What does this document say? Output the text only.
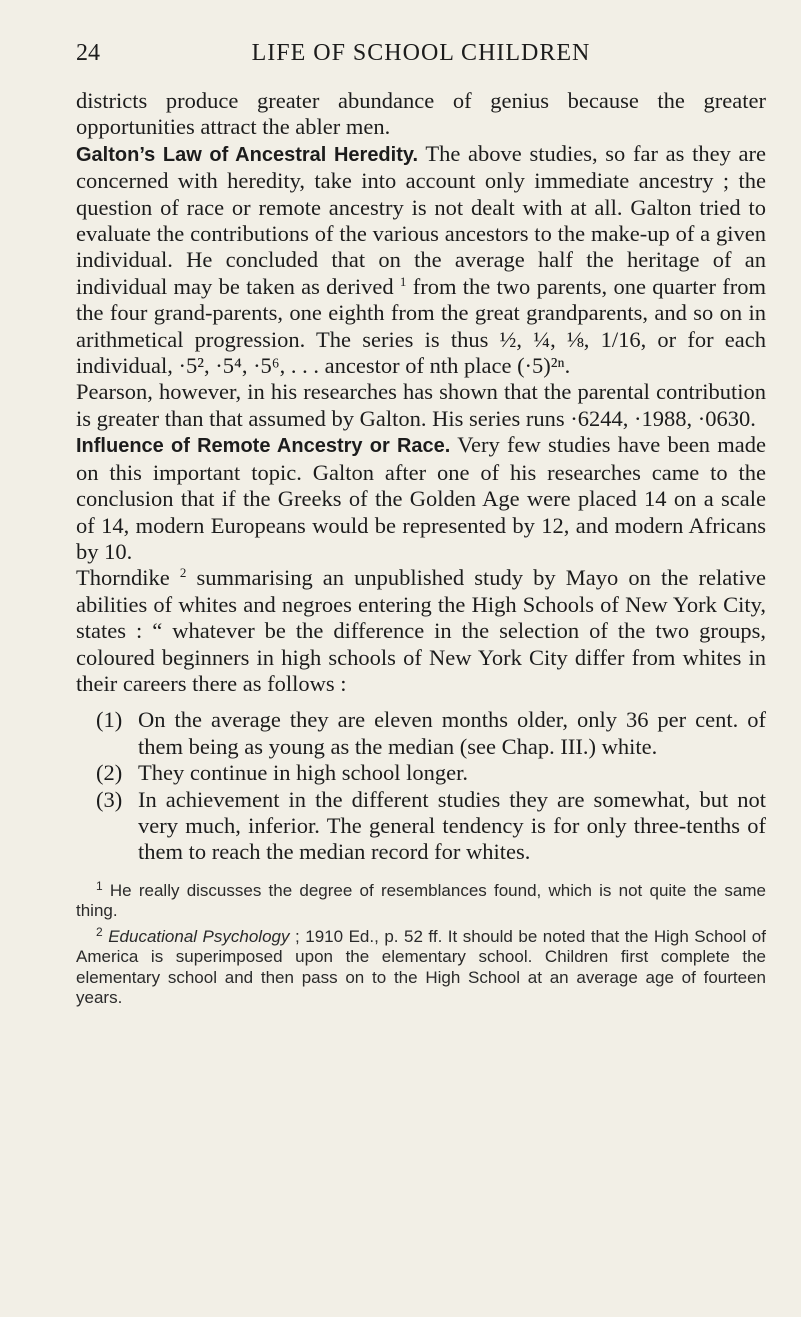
24	LIFE OF SCHOOL CHILDREN

districts produce greater abundance of genius because the greater opportunities attract the abler men.

Galton’s Law of Ancestral Heredity. The above studies, so far as they are concerned with heredity, take into account only immediate ancestry ; the question of race or remote ancestry is not dealt with at all. Galton tried to evaluate the contributions of the various ancestors to the make-up of a given individual. He concluded that on the average half the heritage of an individual may be taken as derived $^1$ from the two parents, one quarter from the four grand-parents, one eighth from the great grandparents, and so on in arithmetical progression. The series is thus ½, ¼, ⅛, 1/16, or for each individual, ·5², ·5⁴, ·5⁶, . . . ancestor of nth place (·5)²ⁿ.

Pearson, however, in his researches has shown that the parental contribution is greater than that assumed by Galton. His series runs ·6244, ·1988, ·0630.

Influence of Remote Ancestry or Race. Very few studies have been made on this important topic. Galton after one of his researches came to the conclusion that if the Greeks of the Golden Age were placed 14 on a scale of 14, modern Europeans would be represented by 12, and modern Africans by 10.

Thorndike $^2$ summarising an unpublished study by Mayo on the relative abilities of whites and negroes entering the High Schools of New York City, states : “ whatever be the difference in the selection of the two groups, coloured beginners in high schools of New York City differ from whites in their careers there as follows :

(1) On the average they are eleven months older, only 36 per cent. of them being as young as the median (see Chap. III.) white.
(2) They continue in high school longer.
(3) In achievement in the different studies they are somewhat, but not very much, inferior. The general tendency is for only three-tenths of them to reach the median record for whites.

$^1$ He really discusses the degree of resemblances found, which is not quite the same thing.

$^2$ Educational Psychology ; 1910 Ed., p. 52 ff. It should be noted that the High School of America is superimposed upon the elementary school. Children first complete the elementary school and then pass on to the High School at an average age of fourteen years.
